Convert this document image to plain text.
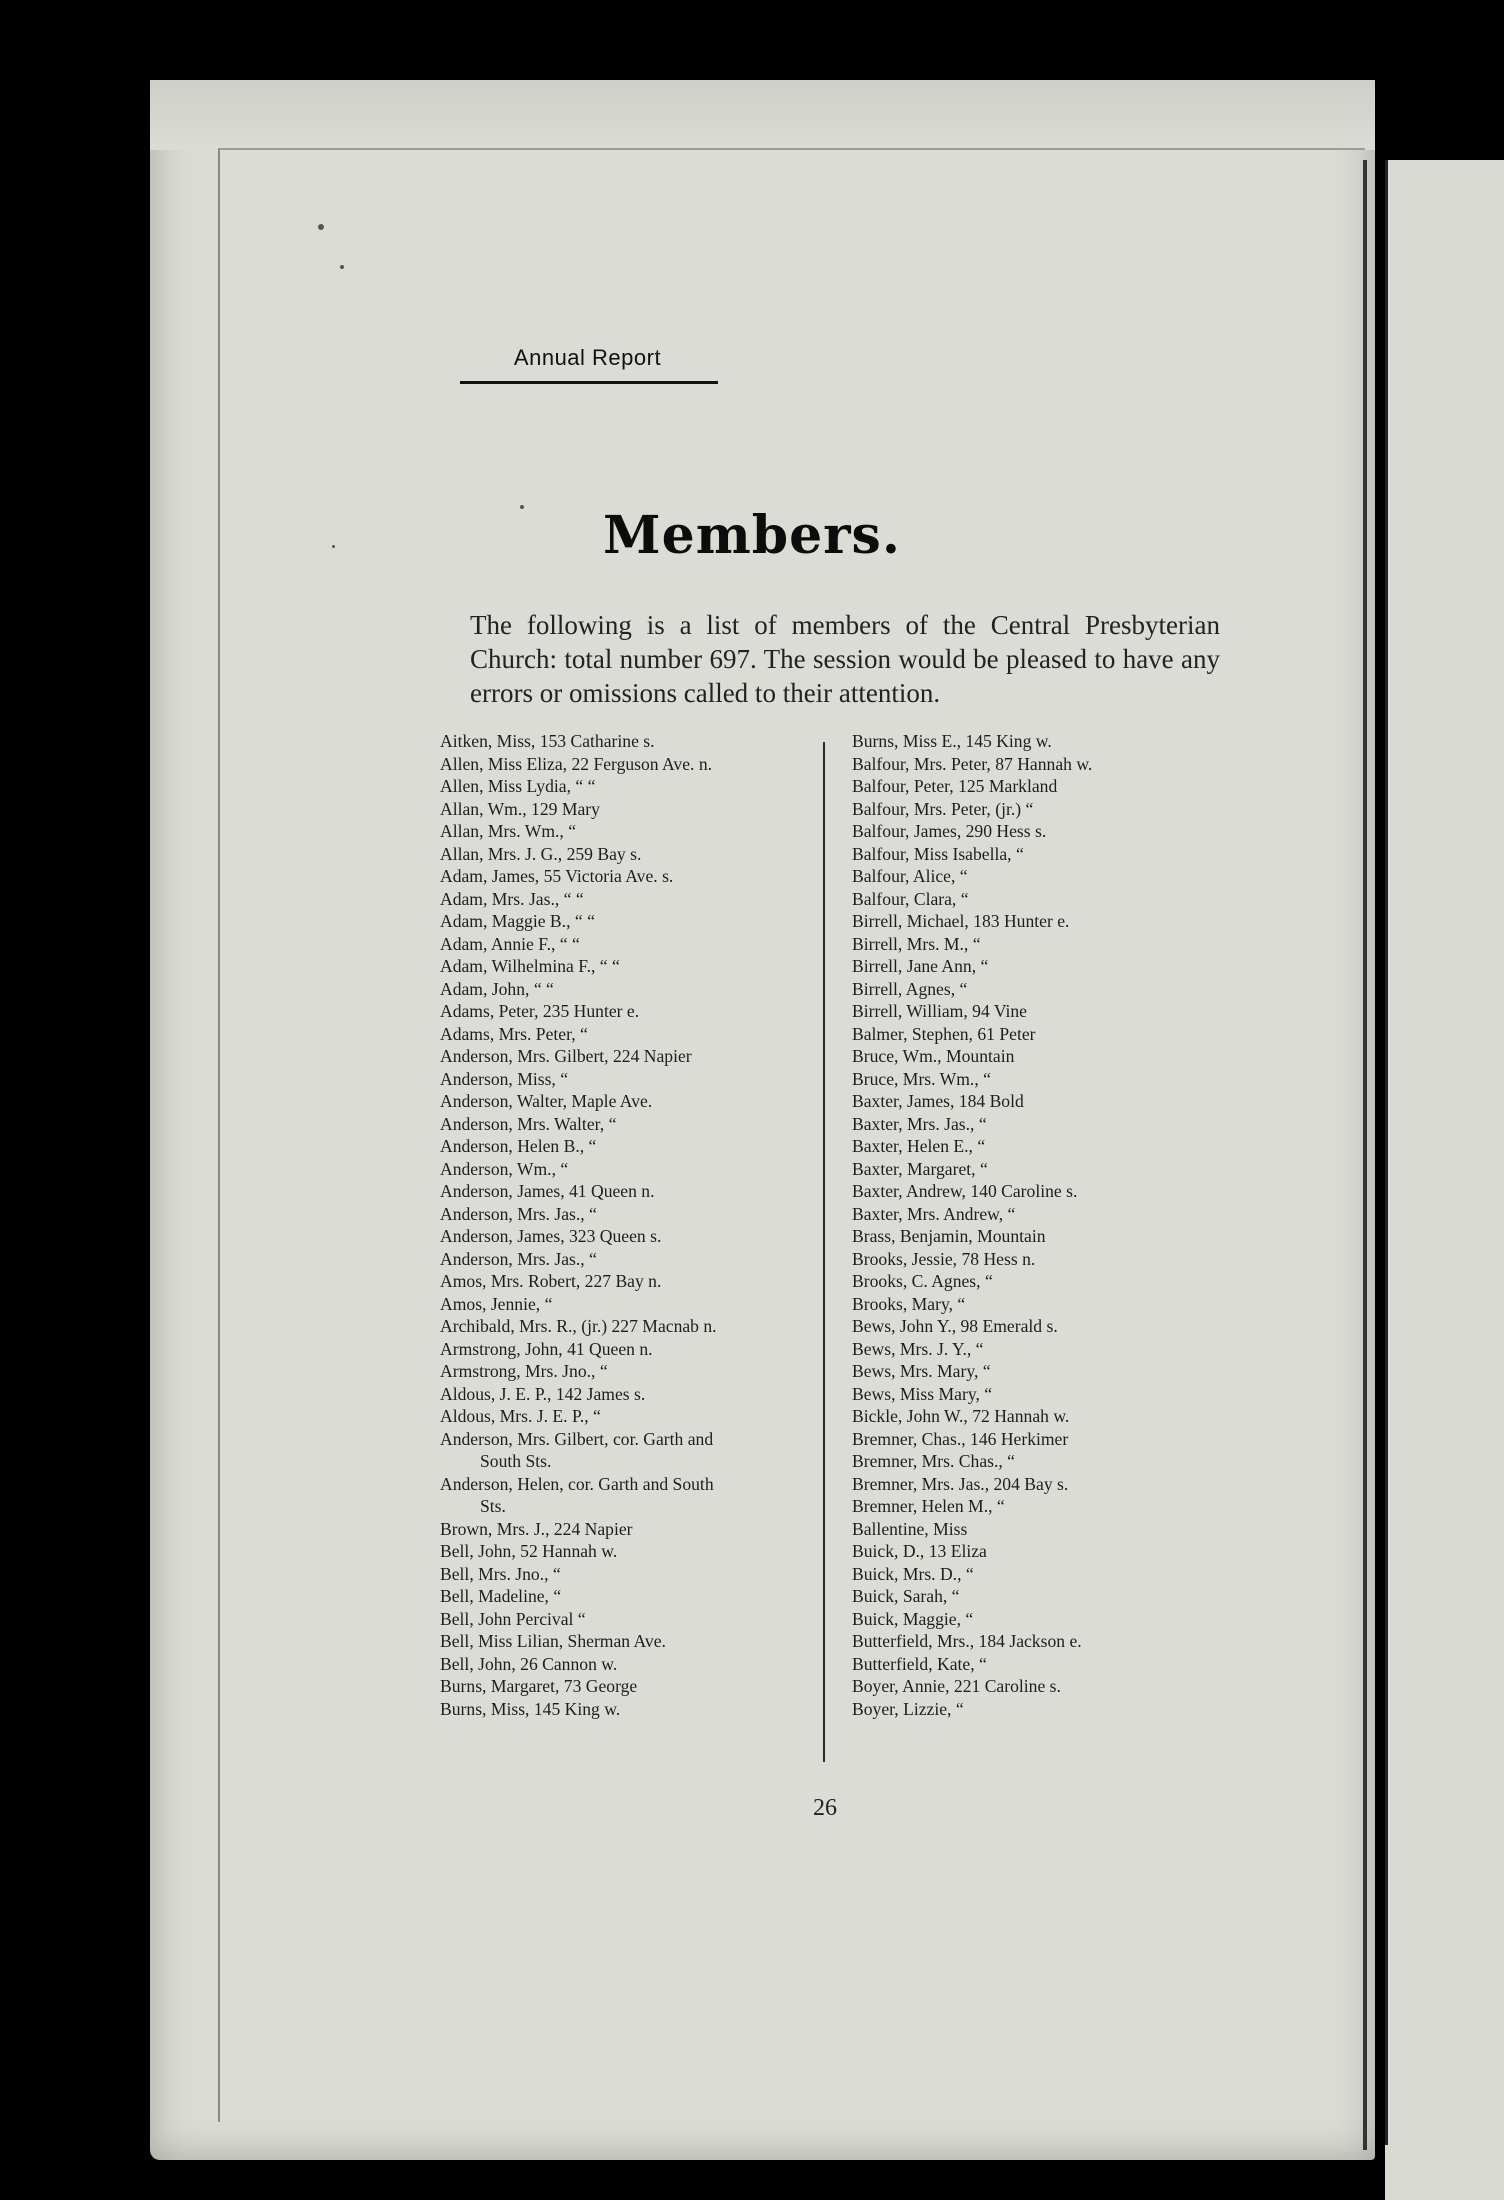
Annual Report
Members.
The following is a list of members of the Central Presbyterian Church: total number 697. The session would be pleased to have any errors or omissions called to their attention.
Aitken, Miss, 153 Catharine s.
Allen, Miss Eliza, 22 Ferguson Ave. n.
Allen, Miss Lydia, “ “
Allan, Wm., 129 Mary
Allan, Mrs. Wm., “
Allan, Mrs. J. G., 259 Bay s.
Adam, James, 55 Victoria Ave. s.
Adam, Mrs. Jas., “ “
Adam, Maggie B., “ “
Adam, Annie F., “ “
Adam, Wilhelmina F., “ “
Adam, John, “ “
Adams, Peter, 235 Hunter e.
Adams, Mrs. Peter, “
Anderson, Mrs. Gilbert, 224 Napier
Anderson, Miss, “
Anderson, Walter, Maple Ave.
Anderson, Mrs. Walter, “
Anderson, Helen B., “
Anderson, Wm., “
Anderson, James, 41 Queen n.
Anderson, Mrs. Jas., “
Anderson, James, 323 Queen s.
Anderson, Mrs. Jas., “
Amos, Mrs. Robert, 227 Bay n.
Amos, Jennie, “
Archibald, Mrs. R., (jr.) 227 Macnab n.
Armstrong, John, 41 Queen n.
Armstrong, Mrs. Jno., “
Aldous, J. E. P., 142 James s.
Aldous, Mrs. J. E. P., “
Anderson, Mrs. Gilbert, cor. Garth and
South Sts.
Anderson, Helen, cor. Garth and South
Sts.
Brown, Mrs. J., 224 Napier
Bell, John, 52 Hannah w.
Bell, Mrs. Jno., “
Bell, Madeline, “
Bell, John Percival “
Bell, Miss Lilian, Sherman Ave.
Bell, John, 26 Cannon w.
Burns, Margaret, 73 George
Burns, Miss, 145 King w.
Burns, Miss E., 145 King w.
Balfour, Mrs. Peter, 87 Hannah w.
Balfour, Peter, 125 Markland
Balfour, Mrs. Peter, (jr.) “
Balfour, James, 290 Hess s.
Balfour, Miss Isabella, “
Balfour, Alice, “
Balfour, Clara, “
Birrell, Michael, 183 Hunter e.
Birrell, Mrs. M., “
Birrell, Jane Ann, “
Birrell, Agnes, “
Birrell, William, 94 Vine
Balmer, Stephen, 61 Peter
Bruce, Wm., Mountain
Bruce, Mrs. Wm., “
Baxter, James, 184 Bold
Baxter, Mrs. Jas., “
Baxter, Helen E., “
Baxter, Margaret, “
Baxter, Andrew, 140 Caroline s.
Baxter, Mrs. Andrew, “
Brass, Benjamin, Mountain
Brooks, Jessie, 78 Hess n.
Brooks, C. Agnes, “
Brooks, Mary, “
Bews, John Y., 98 Emerald s.
Bews, Mrs. J. Y., “
Bews, Mrs. Mary, “
Bews, Miss Mary, “
Bickle, John W., 72 Hannah w.
Bremner, Chas., 146 Herkimer
Bremner, Mrs. Chas., “
Bremner, Mrs. Jas., 204 Bay s.
Bremner, Helen M., “
Ballentine, Miss
Buick, D., 13 Eliza
Buick, Mrs. D., “
Buick, Sarah, “
Buick, Maggie, “
Butterfield, Mrs., 184 Jackson e.
Butterfield, Kate, “
Boyer, Annie, 221 Caroline s.
Boyer, Lizzie, “
26
